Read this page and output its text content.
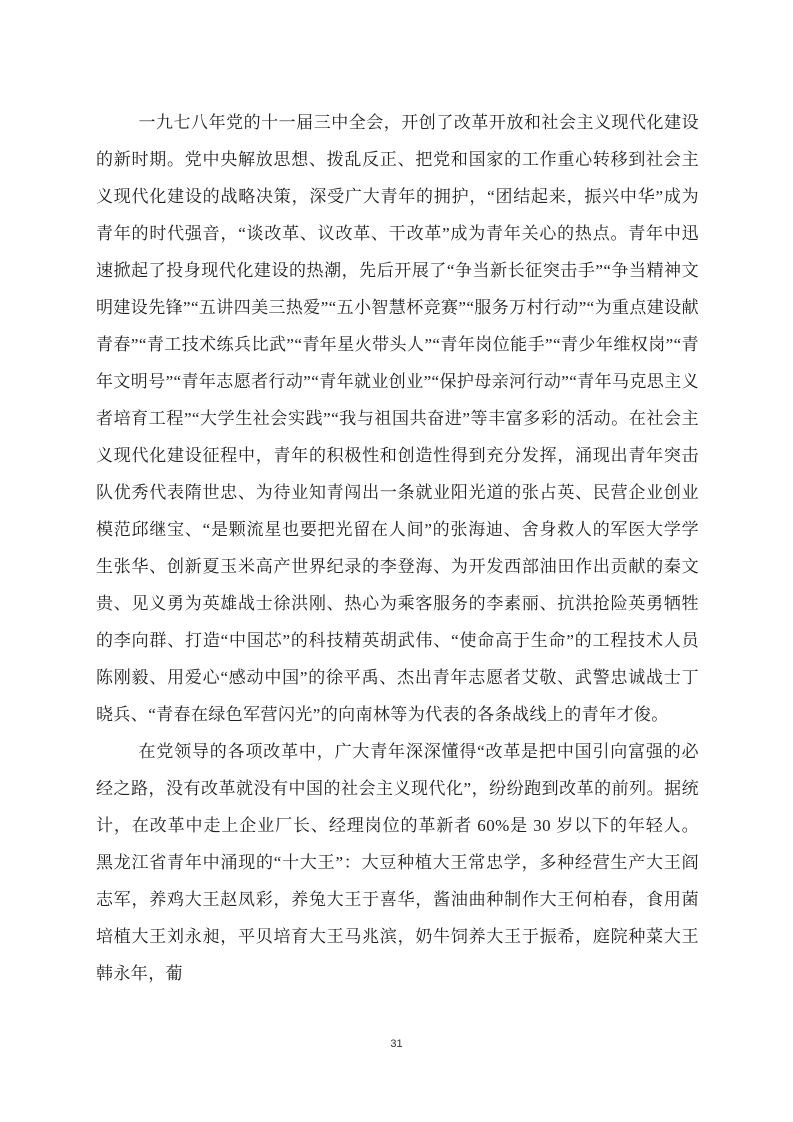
一九七八年党的十一届三中全会，开创了改革开放和社会主义现代化建设的新时期。党中央解放思想、拨乱反正、把党和国家的工作重心转移到社会主义现代化建设的战略决策，深受广大青年的拥护，“团结起来，振兴中华”成为青年的时代强音，“谈改革、议改革、干改革”成为青年关心的热点。青年中迅速掀起了投身现代化建设的热潮，先后开展了“争当新长征突击手”“争当精神文明建设先锋”“五讲四美三热爱”“五小智慧杯竞赛”“服务万村行动”“为重点建设献青春”“青工技术练兵比武”“青年星火带头人”“青年岗位能手”“青少年维权岗”“青年文明号”“青年志愿者行动”“青年就业创业”“保护母亲河行动”“青年马克思主义者培育工程”“大学生社会实践”“我与祖国共奋进”等丰富多彩的活动。在社会主义现代化建设征程中，青年的积极性和创造性得到充分发挥，涌现出青年突击队优秀代表隋世忠、为待业知青闯出一条就业阳光道的张占英、民营企业创业模范邱继宝、“是颗流星也要把光留在人间”的张海迪、舍身救人的军医大学学生张华、创新夏玉米高产世界纪录的李登海、为开发西部油田作出贡献的秦文贵、见义勇为英雄战士徐洪刚、热心为乘客服务的李素丽、抗洪抢险英勇牺牲的李向群、打造“中国芯”的科技精英胡武伟、“使命高于生命”的工程技术人员陈刚毅、用爱心“感动中国”的徐平禹、杰出青年志愿者艾敬、武警忠诚战士丁晓兵、“青春在绿色军营闪光”的向南林等为代表的各条战线上的青年才俊。

在党领导的各项改革中，广大青年深深懂得“改革是把中国引向富强的必经之路，没有改革就没有中国的社会主义现代化”，纷纷跑到改革的前列。据统计，在改革中走上企业厂长、经理岗位的革新者 60%是 30 岁以下的年轻人。黑龙江省青年中涌现的“十大王”：大豆种植大王常忠学，多种经营生产大王阎志军，养鸡大王赵凤彩，养兔大王于喜华，酱油曲种制作大王何柏春，食用菌培植大王刘永昶，平贝培育大王马兆滨，奶牛饲养大王于振希，庭院种菜大王韩永年，葡

31
